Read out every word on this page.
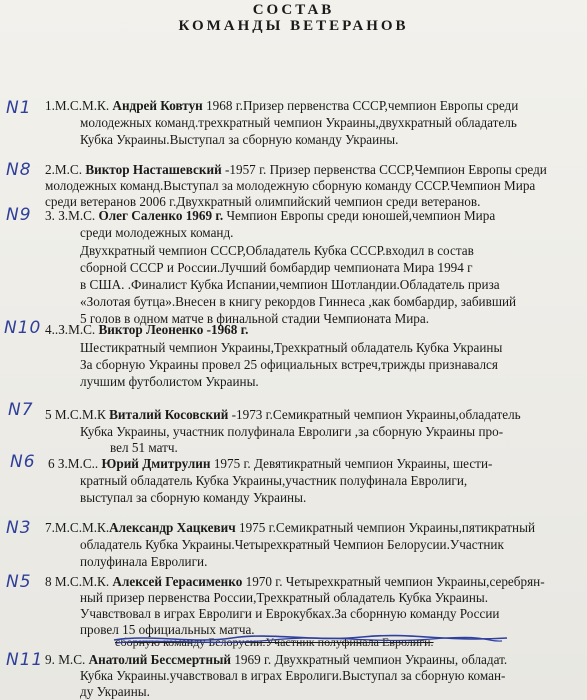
СОСТАВ
КОМАНДЫ ВЕТЕРАНОВ
N1 1.М.С.М.К. Андрей Ковтун 1968 г.Призер первенства СССР,чемпион Европы среди
молодежных команд.трехкратный чемпион Украины,двухкратный обладатель
Кубка Украины.Выступал за сборную команду Украины.
N8 2.М.С. Виктор Насташевский -1957 г. Призер первенства СССР,Чемпион Европы среди
молодежных команд.Выступал за молодежную сборную команду СССР.Чемпион Мира
среди ветеранов 2006 г.Двухкратный олимпийский чемпион среди ветеранов.
N9 3. З.М.С. Олег Саленко 1969 г. Чемпион Европы среди юношей,чемпион Мира
среди молодежных команд.
Двухкратный чемпион СССР,Обладатель Кубка СССР.входил в состав
сборной СССР и России.Лучший бомбардир чемпионата Мира 1994 г
в США. .Финалист Кубка Испании,чемпион Шотландии.Обладатель приза
«Золотая бутца».Внесен в книгу рекордов Гиннеса ,как бомбардир, забивший
5 голов в одном матче в финальной стадии Чемпионата Мира.
N10 4..З.М.С. Виктор Леоненко -1968 г.
Шестикратный чемпион Украины,Трехкратный обладатель Кубка Украины
За сборную Украины провел 25 официальных встреч,трижды признавался
лучшим футболистом Украины.
N7 5 М.С.М.К Виталий Косовский -1973 г.Семикратный чемпион Украины,обладатель
Кубка Украины, участник полуфинала Евролиги ,за сборную Украины про-
вел 51 матч.
N6 6 З.М.С.. Юрий Дмитрулин 1975 г. Девятикратный чемпион Украины, шести-
кратный обладатель Кубка Украины,участник полуфинала Евролиги,
выступал за сборную команду Украины.
N3 7.М.С.М.К.Александр Хацкевич 1975 г.Семикратный чемпион Украины,пятикратный
обладатель Кубка Украины.Четырехкратный Чемпион Белорусии.Участник
полуфинала Евролиги.
N5 8 М.С.М.К. Алексей Герасименко 1970 г. Четырехкратный чемпион Украины,серебрян-
ный призер первенства России,Трехкратный обладатель Кубка Украины.
Учавствовал в играх Евролиги и Еврокубках.За сборнную команду России
провел 15 официальных матча.
сборную команду Белорусии.Участник полуфинала Евролиги.
N11 9. М.С. Анатолий Бессмертный 1969 г. Двухкратный чемпион Украины, обладат.
Кубка Украины.учавствовал в играх Евролиги.Выступал за сборную коман-
ду Украины.
